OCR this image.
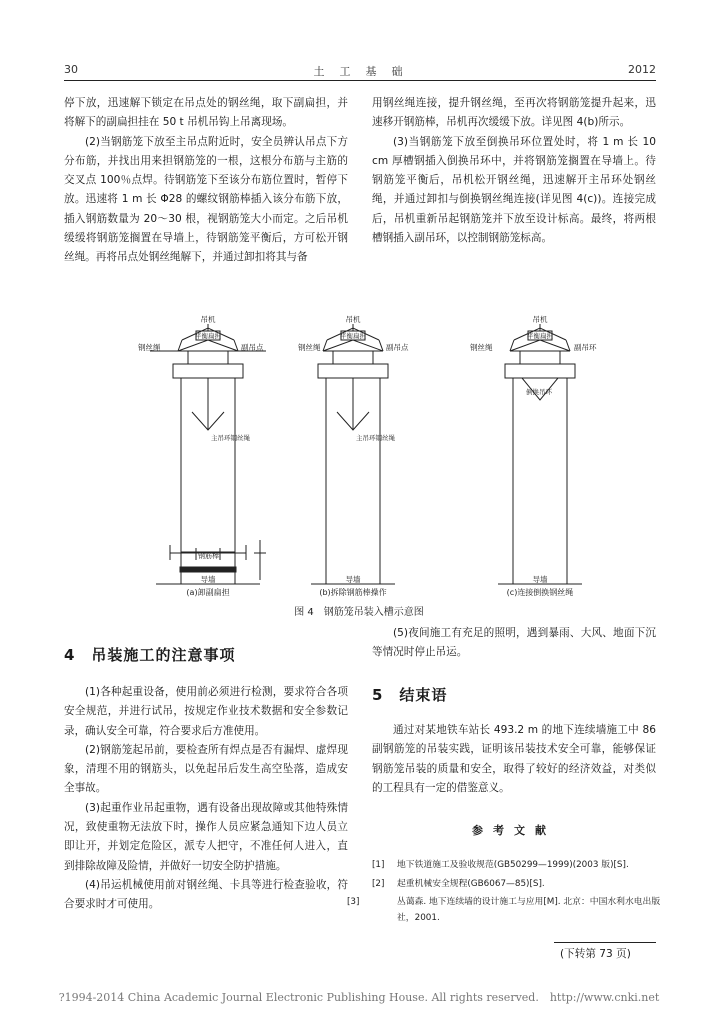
30	土　工　基　础	2012

停下放，迅速解下锁定在吊点处的钢丝绳，取下副扁担，并将解下的副扁担挂在 50 t 吊机吊钩上吊离现场。

(2)当钢筋笼下放至主吊点附近时，安全员辨认吊点下方分布筋，并找出用来担钢筋笼的一根，这根分布筋与主筋的交叉点 100％点焊。待钢筋笼下至该分布筋位置时，暂停下放。迅速将 1 m 长 Φ28 的螺纹钢筋棒插入该分布筋下放，插入钢筋数量为 20～30 根，视钢筋笼大小而定。之后吊机缓缓将钢筋笼搁置在导墙上，待钢筋笼平衡后，方可松开钢丝绳。再将吊点处钢丝绳解下，并通过卸扣将其与备

用钢丝绳连接，提升钢丝绳，至再次将钢筋笼提升起来，迅速移开钢筋棒，吊机再次缓缓下放。详见图 4(b)所示。

(3)当钢筋笼下放至倒换吊环位置处时，将 1 m 长 10 cm 厚槽钢插入倒换吊环中，并将钢筋笼搁置在导墙上。待钢筋笼平衡后，吊机松开钢丝绳，迅速解开主吊环处钢丝绳，并通过卸扣与倒换钢丝绳连接(详见图 4(c))。连接完成后，吊机重新吊起钢筋笼并下放至设计标高。最终，将两根槽钢插入副吊环，以控制钢筋笼标高。

吊机
平衡扁担
钢丝绳	副吊点
主吊环钢丝绳
钢筋棒
导墙
(a)卸副扁担
吊机
平衡扁担
钢丝绳	副吊点
主吊环钢丝绳
导墙
(b)拆除钢筋棒操作
吊机
平衡扁担
钢丝绳	副吊环
倒换吊环
导墙
(c)连接倒换钢丝绳
图 4　钢筋笼吊装入槽示意图
4　吊装施工的注意事项

(1)各种起重设备，使用前必须进行检测，要求符合各项安全规范，并进行试吊，按规定作业技术数据和安全参数记录，确认安全可靠，符合要求后方准使用。

(2)钢筋笼起吊前，要检查所有焊点是否有漏焊、虚焊现象，清理不用的钢筋头，以免起吊后发生高空坠落，造成安全事故。

(3)起重作业吊起重物，遇有设备出现故障或其他特殊情况，致使重物无法放下时，操作人员应紧急通知下边人员立即让开，并划定危险区，派专人把守，不准任何人进入，直到排除故障及险情，并做好一切安全防护措施。

(4)吊运机械使用前对钢丝绳、卡具等进行检查验收，符合要求时才可使用。

(5)夜间施工有充足的照明，遇到暴雨、大风、地面下沉等情况时停止吊运。

5　结束语

通过对某地铁车站长 493.2 m 的地下连续墙施工中 86 副钢筋笼的吊装实践，证明该吊装技术安全可靠，能够保证钢筋笼吊装的质量和安全，取得了较好的经济效益，对类似的工程具有一定的借鉴意义。

参考文献
[1] 地下铁道施工及验收规范(GB50299—1999)(2003 版)[S].
[2] 起重机械安全规程(GB6067—85)[S].
[3]	丛蔼森. 地下连续墙的设计施工与应用[M]. 北京：中国水利水电出版社，2001.
(下转第 73 页)
?1994-2014 China Academic Journal Electronic Publishing House. All rights reserved.　http://www.cnki.net
